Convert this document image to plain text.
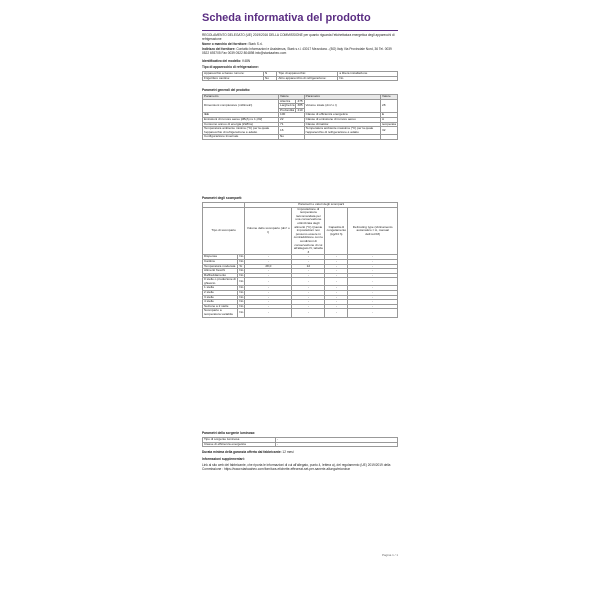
Scheda informativa del prodotto
REGOLAMENTO DELEGATO (UE) 2019/2016 DELLA COMMISSIONE per quanto riguarda l'etichettatura energetica degli apparecchi di refrigerazione
Nome o marchio del fornitore: Stark S.r.l.
Indirizzo del fornitore: Contatto Informazioni e Assistenza, Stark s.r.l. 43017 Mezzolara - (BO) Italy Via Provinciale Nord, 36 Tel. 0039 0522 693705 Fax 0039 0522 804898 info@starkaaheo.com
Identificativo del modello: K48N
Tipo di apparecchio di refrigerazione:
Apparecchio a basso rumore:	N	Tipo di apparecchio:	a libera installazione
Frigorifero cantina:	No	Altro apparecchio di refrigerazione:	No
Parametri generali del prodotto:
Parametro	Valore		Parametro	Valore
Dimensioni complessive (millimetri)	Altezza	475	Volume totale (dm³ o l)	28
	Larghezza	385		
	Profondità	410		
IEE	100		Classe di efficienza energetica	E
Emissioni di rumore aeree [dB(A) re 1 pW]	22		Classe di emissione di rumore aereo	A
Consumo annuo di energia (kWh/a)	71		Classe climatica:	temperata
Temperatura ambiente minima (°C) per la quale l'apparecchio di refrigerazione è adatto	16		Temperatura ambiente massima (°C) per la quale l'apparecchio di refrigerazione è adatto	32
Configurazione Invernale	No			
Parametri degli scomparti:
		Parametri e valori degli scomparti			
Tipo di scomparto		Volume dello scomparto (dm³ o l)	Impostazione di temperatura raccomandata per una conservazione ottimizzata degli alimenti (°C) Queste impostazioni non possono essere in contraddizione con le condizioni di conservazione di cui all'allegato IV, tabella 3	Capacità di congelamento (kg/24 h)	Defrosting type (sbrinamento automatico = A, manual defrost=M)
Dispensa	No	-	-	-	-
Cantina	No	-	-	-	-
Temperatura moderata	Sì	28,0	12	-	-
Alimenti freschi	No	-	-	-	-
Raffreddamento	No	-	-	-	-
0 stelle o produzione di ghiaccio	No	-	-	-	-
1 stella	No	-	-	-	-
2 stelle	No	-	-	-	-
3 stelle	No	-	-	-	-
4 stelle	No	-	-	-	-
Sezione a 2 stelle	No	-	-	-	-
Scomparto a temperatura variabile	No	-	-	-	-
Parametri della sorgente luminosa:
Tipo di sorgente luminosa	-
Classe di efficienza energetica	-
Durata minima della garanzia offerta dal fabbricante: 12 mesi
Informazioni supplementari:
Link al sito web del fabbricante, che riporta le informazioni di cui all'allegato, punto 4, lettera a), del regolamento (UE) 2019/2019 della Commissione : https://www.starkaaheo.com/fornitura-etichette-effecreat-set-per-sanerie-allunga/microbar
Pagina 1 / 1
